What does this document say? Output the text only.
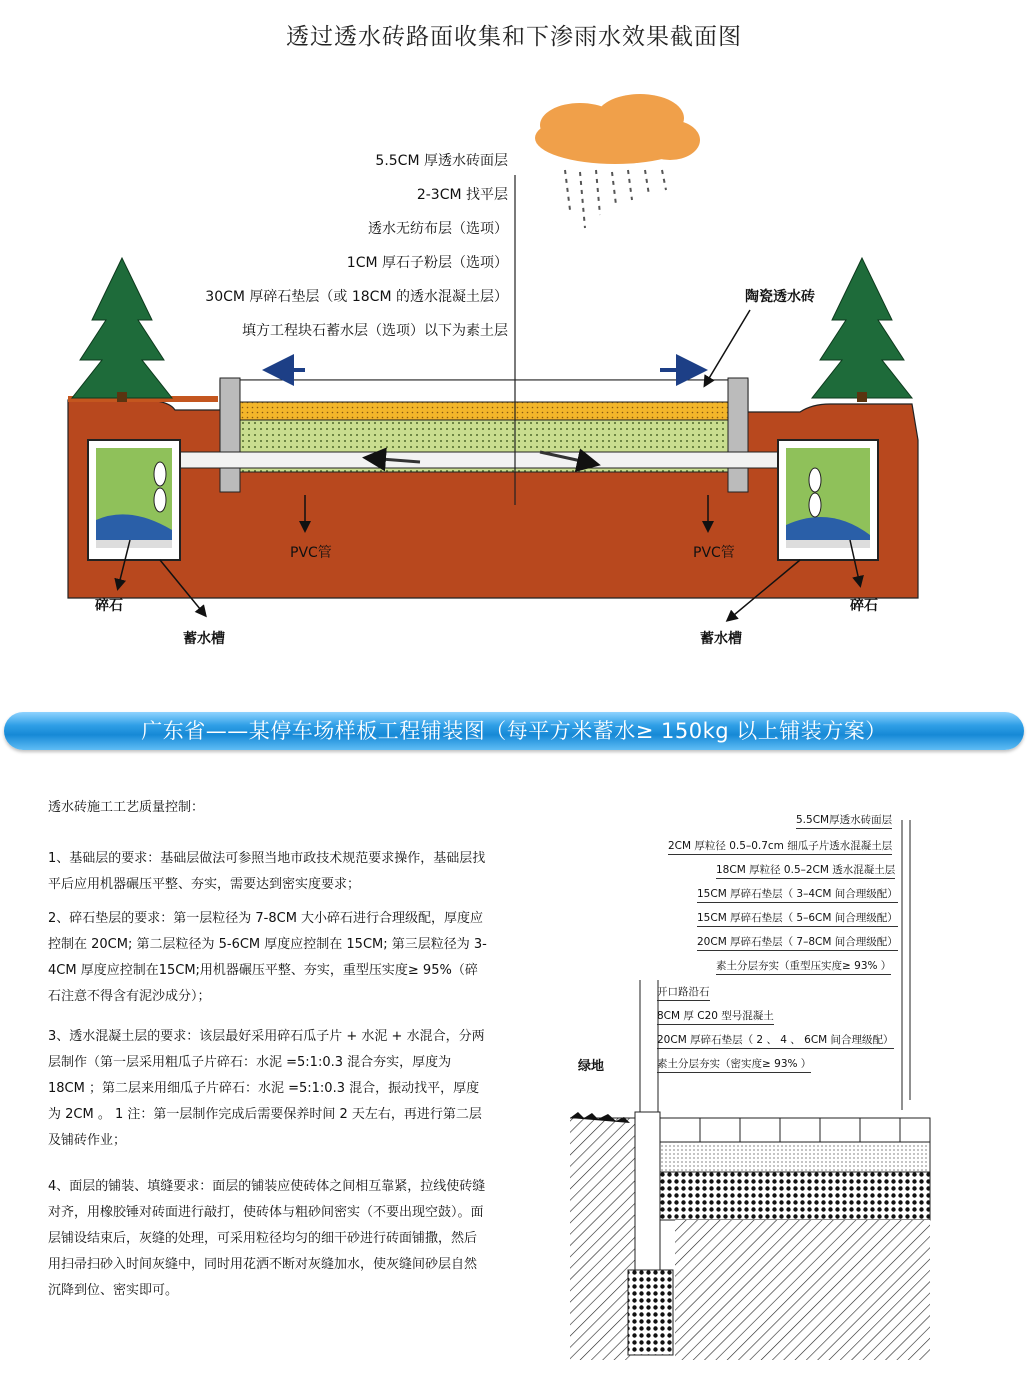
透过透水砖路面收集和下渗雨水效果截面图
5.5CM 厚透水砖面层
2-3CM 找平层
透水无纺布层（选项）
1CM 厚石子粉层（选项）
30CM 厚碎石垫层（或 18CM 的透水混凝土层）
填方工程块石蓄水层（选项）以下为素土层
陶瓷透水砖
PVC管	PVC管
碎石	碎石
蓄水槽	蓄水槽
广东省——某停车场样板工程铺装图（每平方米蓄水≥ 150kg 以上铺装方案）
透水砖施工工艺质量控制：
1、基础层的要求：基础层做法可参照当地市政技术规范要求操作，基础层找平后应用机器碾压平整、夯实，需要达到密实度要求；
2、碎石垫层的要求：第一层粒径为 7-8CM 大小碎石进行合理级配，厚度应控制在 20CM; 第二层粒径为 5-6CM 厚度应控制在 15CM; 第三层粒径为 3-4CM 厚度应控制在15CM;用机器碾压平整、夯实，重型压实度≥ 95%（碎石注意不得含有泥沙成分）；
3、透水混凝土层的要求：该层最好采用碎石瓜子片 + 水泥 + 水混合，分两层制作（第一层采用粗瓜子片碎石：水泥 =5:1:0.3 混合夯实，厚度为 18CM ；第二层来用细瓜子片碎石：水泥 =5:1:0.3 混合，振动找平，厚度为 2CM 。 1 注：第一层制作完成后需要保养时间 2 天左右，再进行第二层及铺砖作业；
4、面层的铺装、填缝要求：面层的铺装应使砖体之间相互靠紧，拉线使砖缝对齐，用橡胶锤对砖面进行敲打，使砖体与粗砂间密实（不要出现空鼓）。面层铺设结束后，灰缝的处理，可采用粒径均匀的细干砂进行砖面铺撒，然后用扫帚扫砂入时间灰缝中，同时用花洒不断对灰缝加水，使灰缝间砂层自然沉降到位、密实即可。
5.5CM厚透水砖面层
2CM 厚粒径 0.5–0.7cm 细瓜子片透水混凝土层
18CM 厚粒径 0.5–2CM 透水混凝土层
15CM 厚碎石垫层（ 3–4CM 间合理级配）
15CM 厚碎石垫层（ 5–6CM 间合理级配）
20CM 厚碎石垫层（ 7–8CM 间合理级配）
素土分层夯实（重型压实度≥ 93% ）
开口路沿石
8CM 厚 C20 型号混凝土
20CM 厚碎石垫层（ 2 、 4 、 6CM 间合理级配）
素土分层夯实（密实度≥ 93% ）
绿地
